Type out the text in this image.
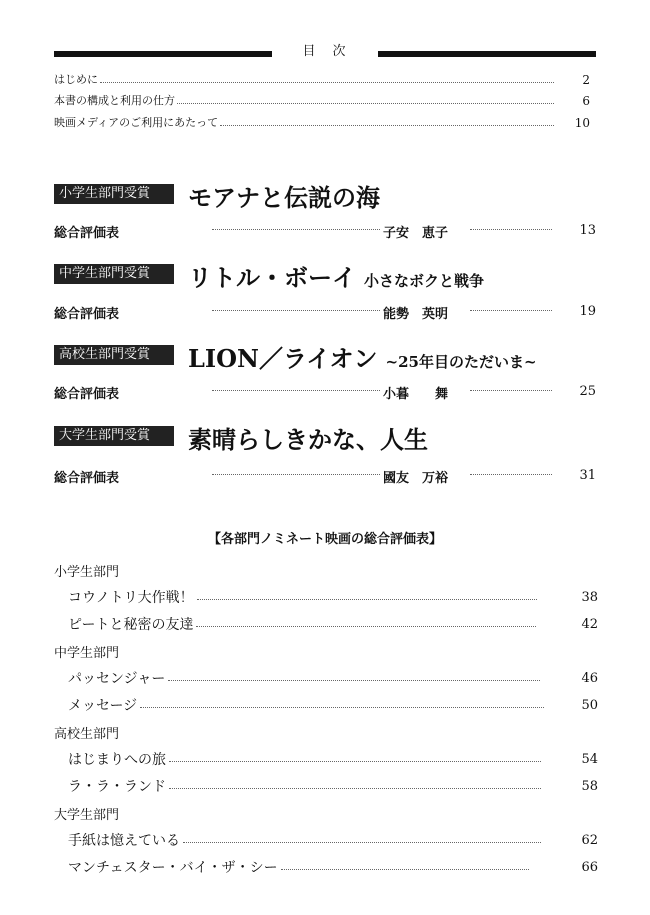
目　次
はじめに	2
本書の構成と利用の仕方	6
映画メディアのご利用にあたって	10
小学生部門受賞	モアナと伝説の海
総合評価表	子安　恵子	13
中学生部門受賞	リトル・ボーイ 小さなボクと戦争
総合評価表	能勢　英明	19
高校生部門受賞	LION／ライオン ~25年目のただいま~
総合評価表	小暮　　舞	25
大学生部門受賞	素晴らしきかな、人生
総合評価表	國友　万裕	31
【各部門ノミネート映画の総合評価表】
小学生部門
コウノトリ大作戦！	38
ピートと秘密の友達	42
中学生部門
パッセンジャー	46
メッセージ	50
高校生部門
はじまりへの旅	54
ラ・ラ・ランド	58
大学生部門
手紙は憶えている	62
マンチェスター・バイ・ザ・シー	66
